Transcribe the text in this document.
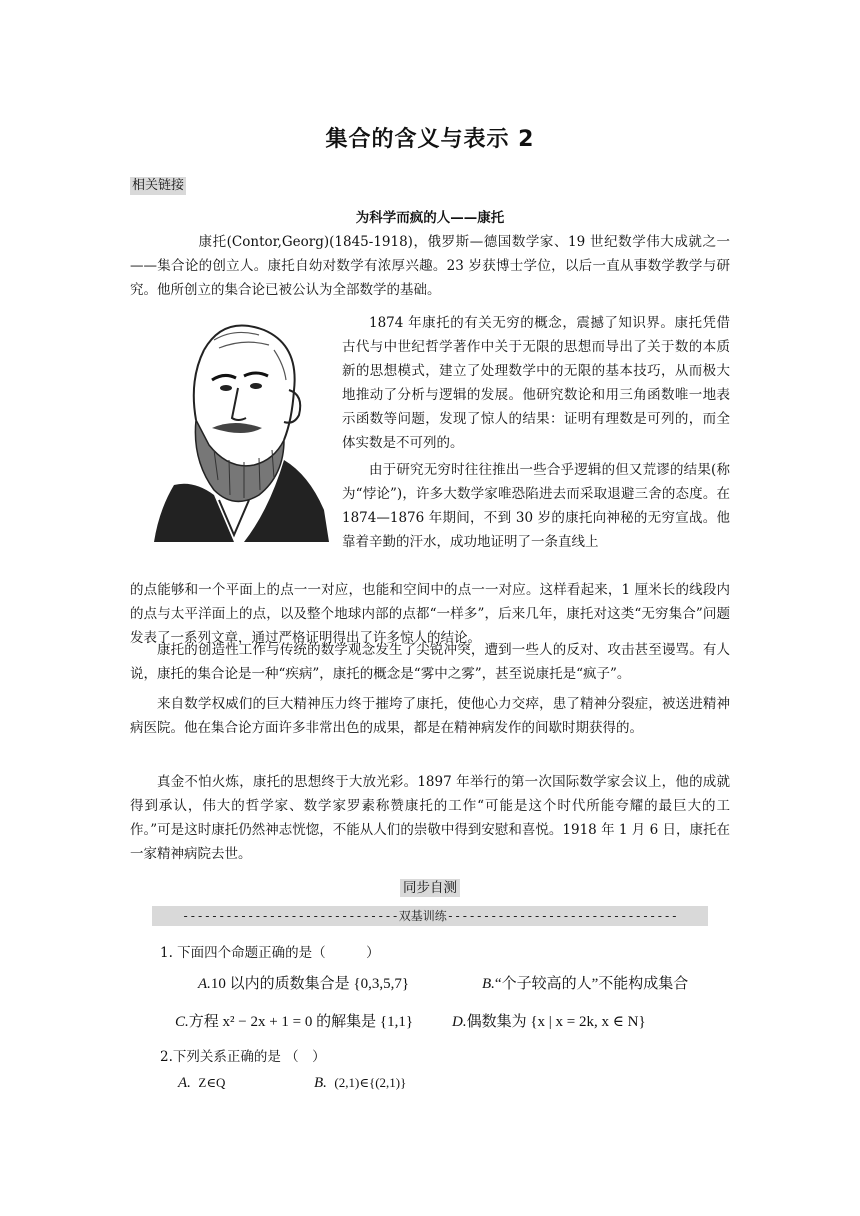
集合的含义与表示 2
相关链接
为科学而疯的人——康托

康托(Contor,Georg)(1845-1918)，俄罗斯—德国数学家、19 世纪数学伟大成就之一——集合论的创立人。康托自幼对数学有浓厚兴趣。23 岁获博士学位，以后一直从事数学教学与研究。他所创立的集合论已被公认为全部数学的基础。

1874 年康托的有关无穷的概念，震撼了知识界。康托凭借古代与中世纪哲学著作中关于无限的思想而导出了关于数的本质新的思想模式，建立了处理数学中的无限的基本技巧，从而极大地推动了分析与逻辑的发展。他研究数论和用三角函数唯一地表示函数等问题，发现了惊人的结果：证明有理数是可列的，而全体实数是不可列的。

由于研究无穷时往往推出一些合乎逻辑的但又荒谬的结果(称为“悖论”)，许多大数学家唯恐陷进去而采取退避三舍的态度。在 1874—1876 年期间，不到 30 岁的康托向神秘的无穷宣战。他靠着辛勤的汗水，成功地证明了一条直线上

的点能够和一个平面上的点一一对应，也能和空间中的点一一对应。这样看起来，1 厘米长的线段内的点与太平洋面上的点，以及整个地球内部的点都“一样多”，后来几年，康托对这类“无穷集合”问题发表了一系列文章，通过严格证明得出了许多惊人的结论。

康托的创造性工作与传统的数学观念发生了尖锐冲突，遭到一些人的反对、攻击甚至谩骂。有人说，康托的集合论是一种“疾病”，康托的概念是“雾中之雾”，甚至说康托是“疯子”。

来自数学权威们的巨大精神压力终于摧垮了康托，使他心力交瘁，患了精神分裂症，被送进精神病医院。他在集合论方面许多非常出色的成果，都是在精神病发作的间歇时期获得的。

真金不怕火炼，康托的思想终于大放光彩。1897 年举行的第一次国际数学家会议上，他的成就得到承认，伟大的哲学家、数学家罗素称赞康托的工作“可能是这个时代所能夸耀的最巨大的工作。”可是这时康托仍然神志恍惚，不能从人们的崇敬中得到安慰和喜悦。1918 年 1 月 6 日，康托在一家精神病院去世。

同步自测
------------------------------双基训练--------------------------------
1. 下面四个命题正确的是（　　　）
A.10 以内的质数集合是 {0,3,5,7}	B.“个子较高的人”不能构成集合
C.方程 x² − 2x + 1 = 0 的解集是 {1,1}	D.偶数集为 {x | x = 2k, x ∈ N}
2.下列关系正确的是 （　）
A. Z∈Q	B. (2,1)∈{(2,1)}
